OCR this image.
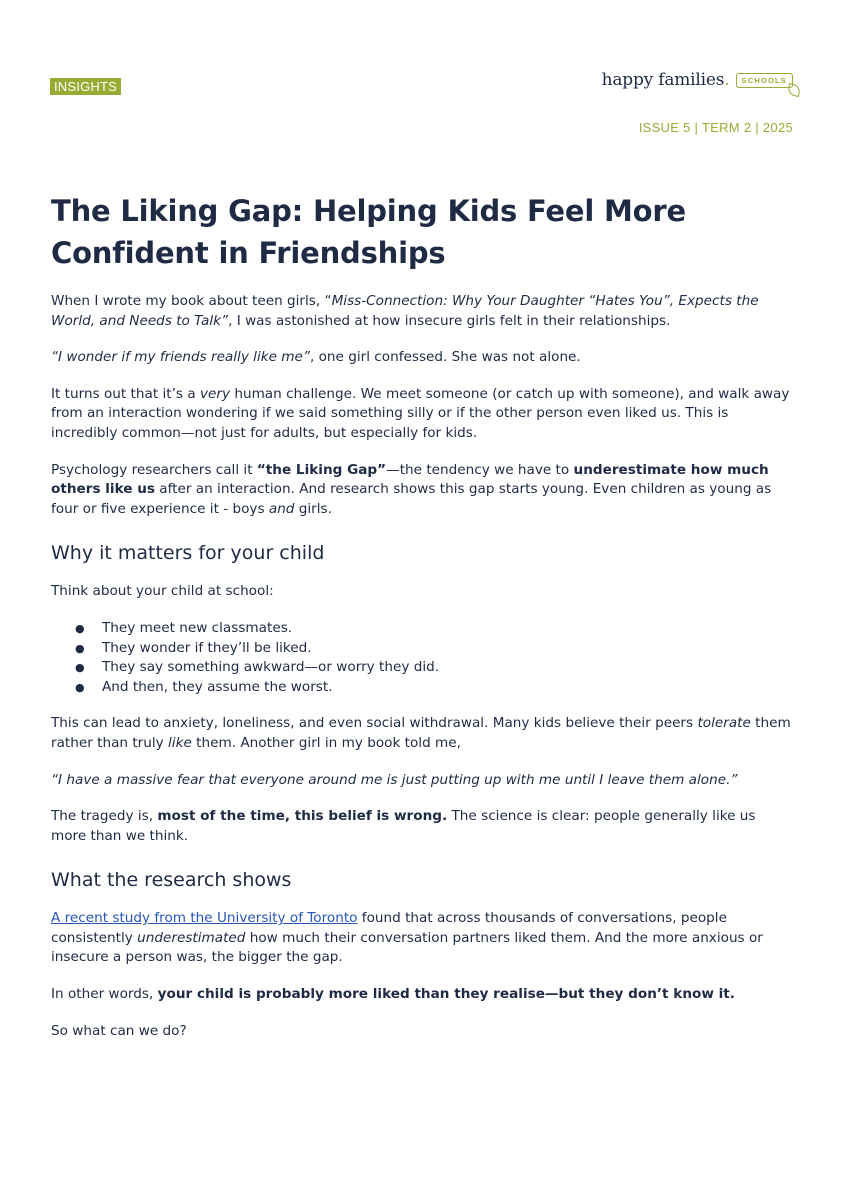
INSIGHTS	happy families.	SCHOOLS
ISSUE 5 | TERM 2 | 2025
The Liking Gap: Helping Kids Feel More
Confident in Friendships

When I wrote my book about teen girls, “Miss-Connection: Why Your Daughter “Hates You”, Expects the World, and Needs to Talk”, I was astonished at how insecure girls felt in their relationships.

“I wonder if my friends really like me”, one girl confessed. She was not alone.

It turns out that it’s a very human challenge. We meet someone (or catch up with someone), and walk away from an interaction wondering if we said something silly or if the other person even liked us. This is incredibly common—not just for adults, but especially for kids.

Psychology researchers call it “the Liking Gap”—the tendency we have to underestimate how much others like us after an interaction. And research shows this gap starts young. Even children as young as four or five experience it - boys and girls.

Why it matters for your child

Think about your child at school:

● They meet new classmates.
● They wonder if they’ll be liked.
● They say something awkward—or worry they did.
● And then, they assume the worst.

This can lead to anxiety, loneliness, and even social withdrawal. Many kids believe their peers tolerate them rather than truly like them. Another girl in my book told me,

“I have a massive fear that everyone around me is just putting up with me until I leave them alone.”

The tragedy is, most of the time, this belief is wrong. The science is clear: people generally like us more than we think.

What the research shows

A recent study from the University of Toronto found that across thousands of conversations, people consistently underestimated how much their conversation partners liked them. And the more anxious or insecure a person was, the bigger the gap.

In other words, your child is probably more liked than they realise—but they don’t know it.

So what can we do?
